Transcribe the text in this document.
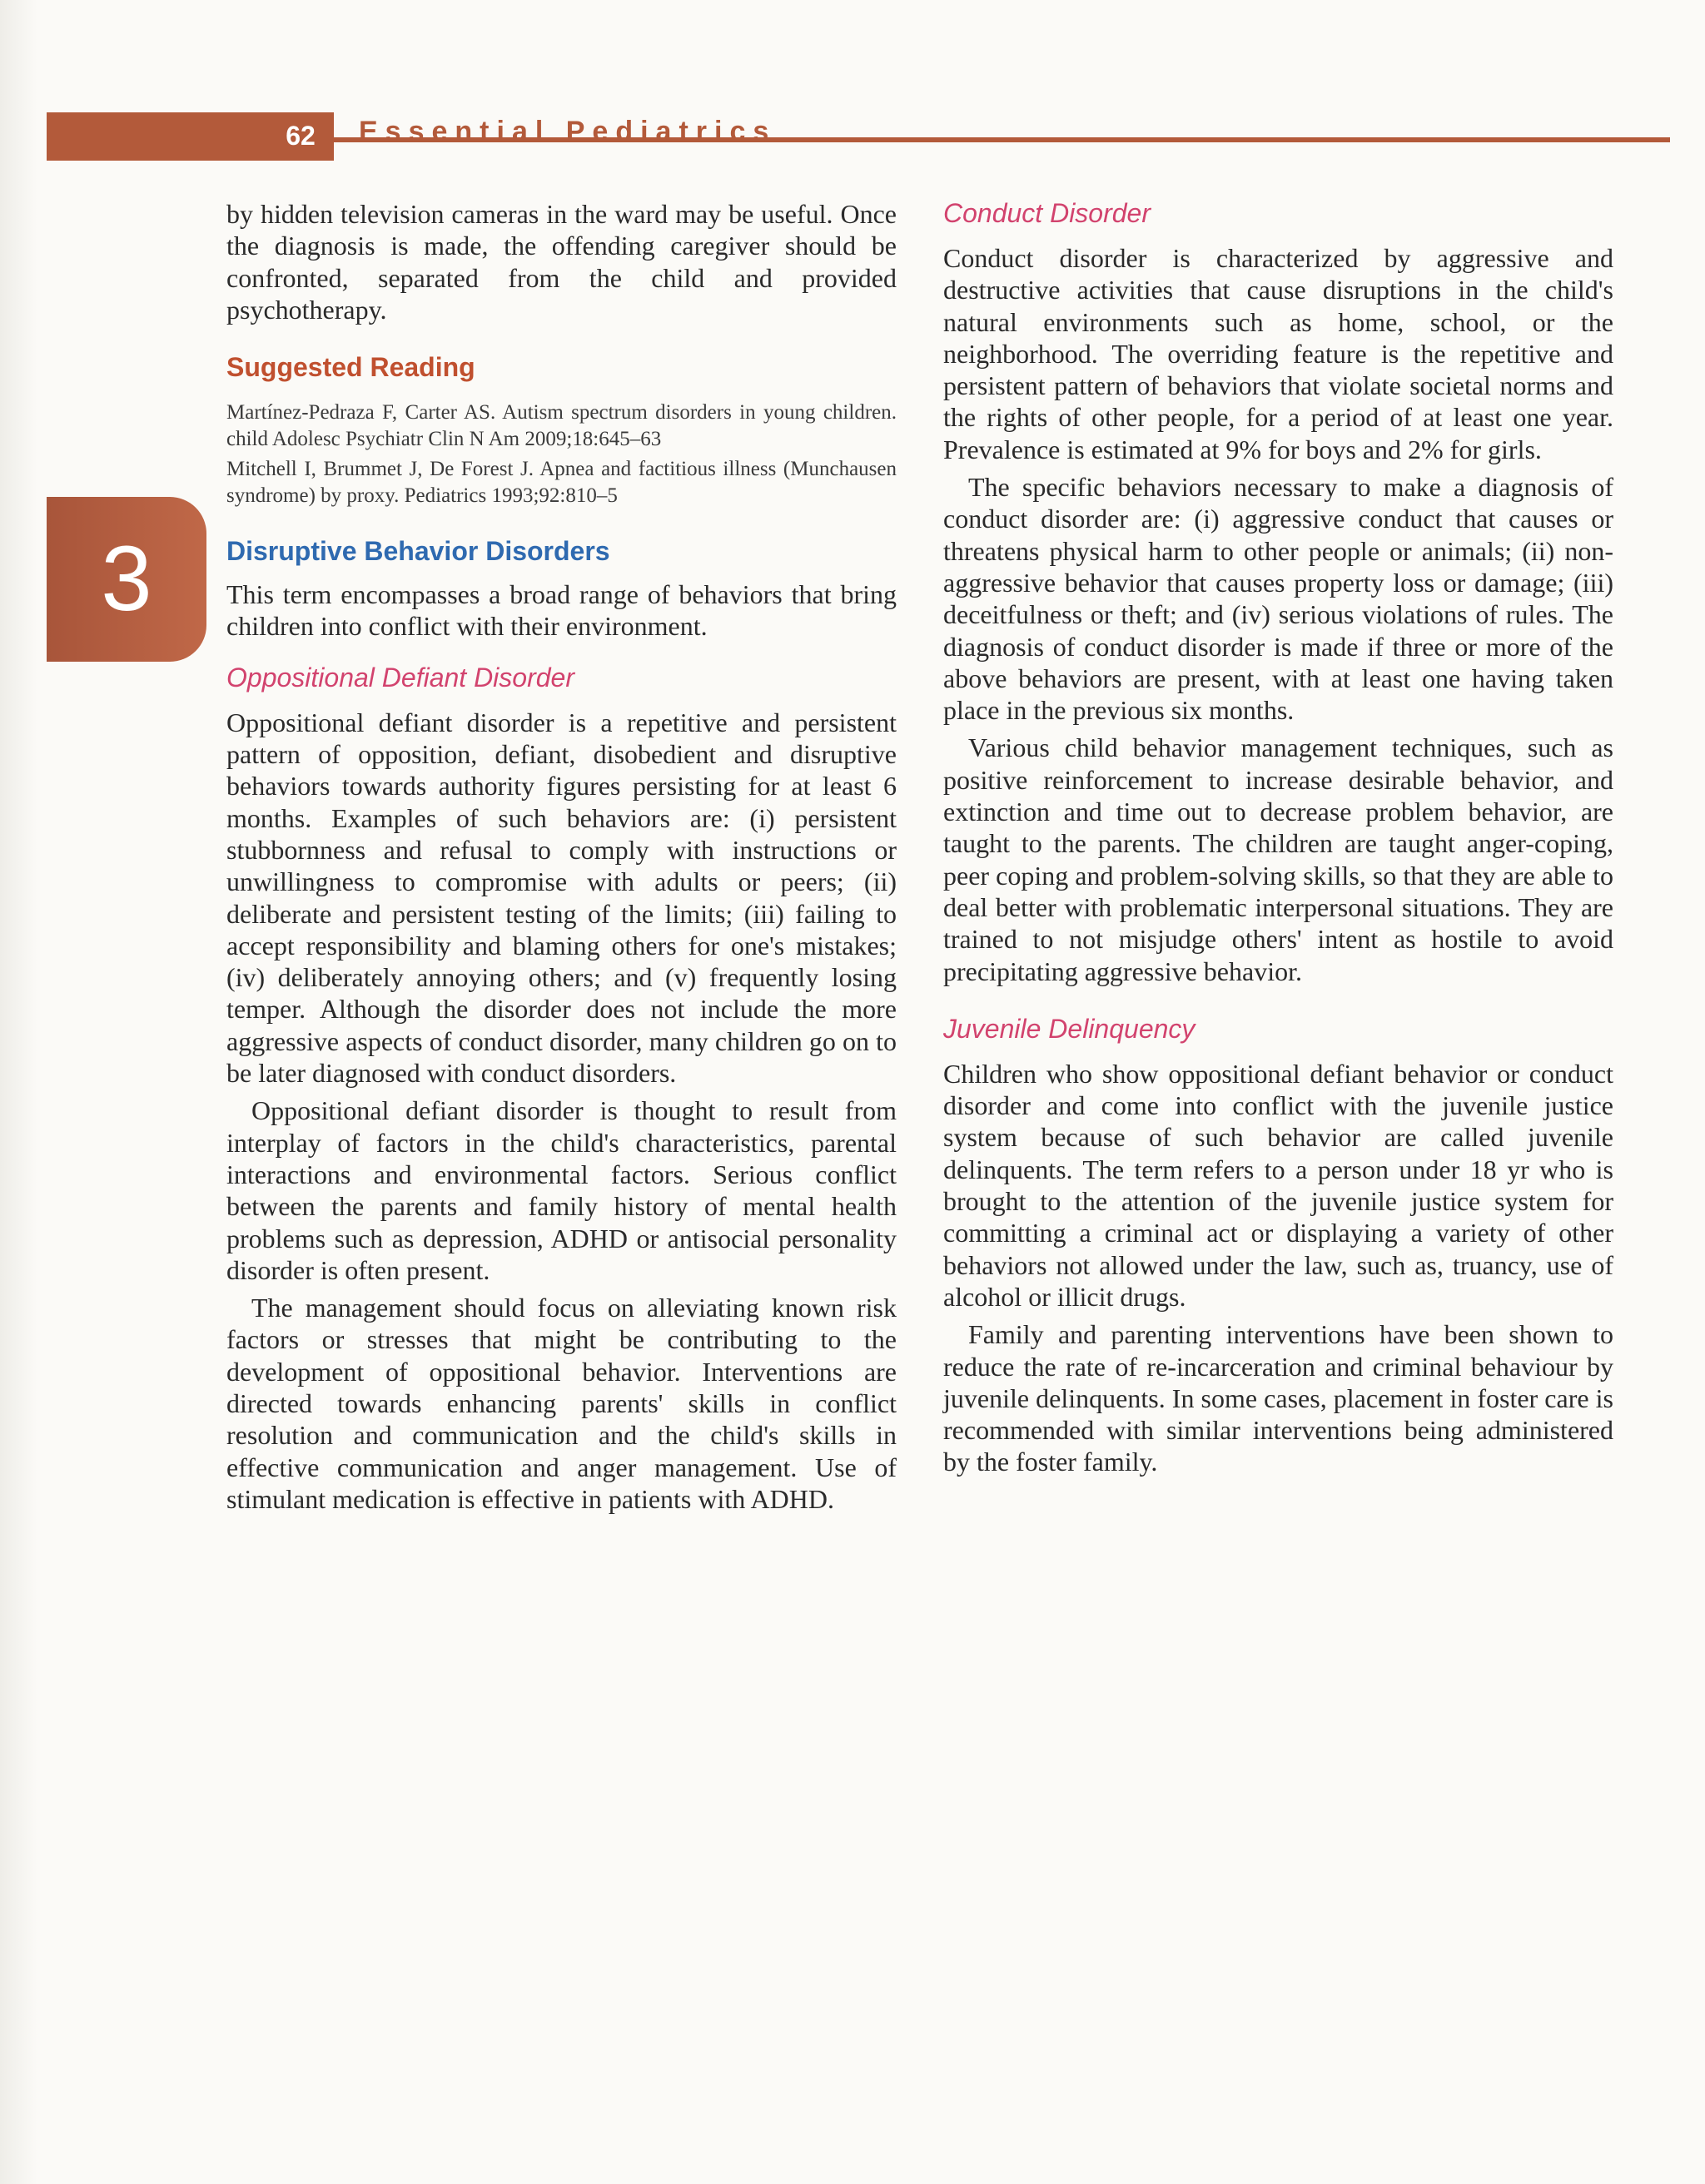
62	Essential Pediatrics
3

by hidden television cameras in the ward may be useful. Once the diagnosis is made, the offending caregiver should be confronted, separated from the child and provided psychotherapy.

Suggested Reading

Martínez-Pedraza F, Carter AS. Autism spectrum disorders in young children. child Adolesc Psychiatr Clin N Am 2009;18:645–63

Mitchell I, Brummet J, De Forest J. Apnea and factitious illness (Munchausen syndrome) by proxy. Pediatrics 1993;92:810–5

Disruptive Behavior Disorders

This term encompasses a broad range of behaviors that bring children into conflict with their environment.

Oppositional Defiant Disorder

Oppositional defiant disorder is a repetitive and persistent pattern of opposition, defiant, disobedient and disruptive behaviors towards authority figures persisting for at least 6 months. Examples of such behaviors are: (i) persistent stubbornness and refusal to comply with instructions or unwillingness to compromise with adults or peers; (ii) deliberate and persistent testing of the limits; (iii) failing to accept responsibility and blaming others for one's mistakes; (iv) deliberately annoying others; and (v) frequently losing temper. Although the disorder does not include the more aggressive aspects of conduct disorder, many children go on to be later diagnosed with conduct disorders.

Oppositional defiant disorder is thought to result from interplay of factors in the child's characteristics, parental interactions and environmental factors. Serious conflict between the parents and family history of mental health problems such as depression, ADHD or antisocial personality disorder is often present.

The management should focus on alleviating known risk factors or stresses that might be contributing to the development of oppositional behavior. Interventions are directed towards enhancing parents' skills in conflict resolution and communication and the child's skills in effective communication and anger management. Use of stimulant medication is effective in patients with ADHD.

Conduct Disorder

Conduct disorder is characterized by aggressive and destructive activities that cause disruptions in the child's natural environments such as home, school, or the neighborhood. The overriding feature is the repetitive and persistent pattern of behaviors that violate societal norms and the rights of other people, for a period of at least one year. Prevalence is estimated at 9% for boys and 2% for girls.

The specific behaviors necessary to make a diagnosis of conduct disorder are: (i) aggressive conduct that causes or threatens physical harm to other people or animals; (ii) non-aggressive behavior that causes property loss or damage; (iii) deceitfulness or theft; and (iv) serious violations of rules. The diagnosis of conduct disorder is made if three or more of the above behaviors are present, with at least one having taken place in the previous six months.

Various child behavior management techniques, such as positive reinforcement to increase desirable behavior, and extinction and time out to decrease problem behavior, are taught to the parents. The children are taught anger-coping, peer coping and problem-solving skills, so that they are able to deal better with problematic interpersonal situations. They are trained to not misjudge others' intent as hostile to avoid precipitating aggressive behavior.

Juvenile Delinquency

Children who show oppositional defiant behavior or conduct disorder and come into conflict with the juvenile justice system because of such behavior are called juvenile delinquents. The term refers to a person under 18 yr who is brought to the attention of the juvenile justice system for committing a criminal act or displaying a variety of other behaviors not allowed under the law, such as, truancy, use of alcohol or illicit drugs.

Family and parenting interventions have been shown to reduce the rate of re-incarceration and criminal behaviour by juvenile delinquents. In some cases, placement in foster care is recommended with similar interventions being administered by the foster family.
